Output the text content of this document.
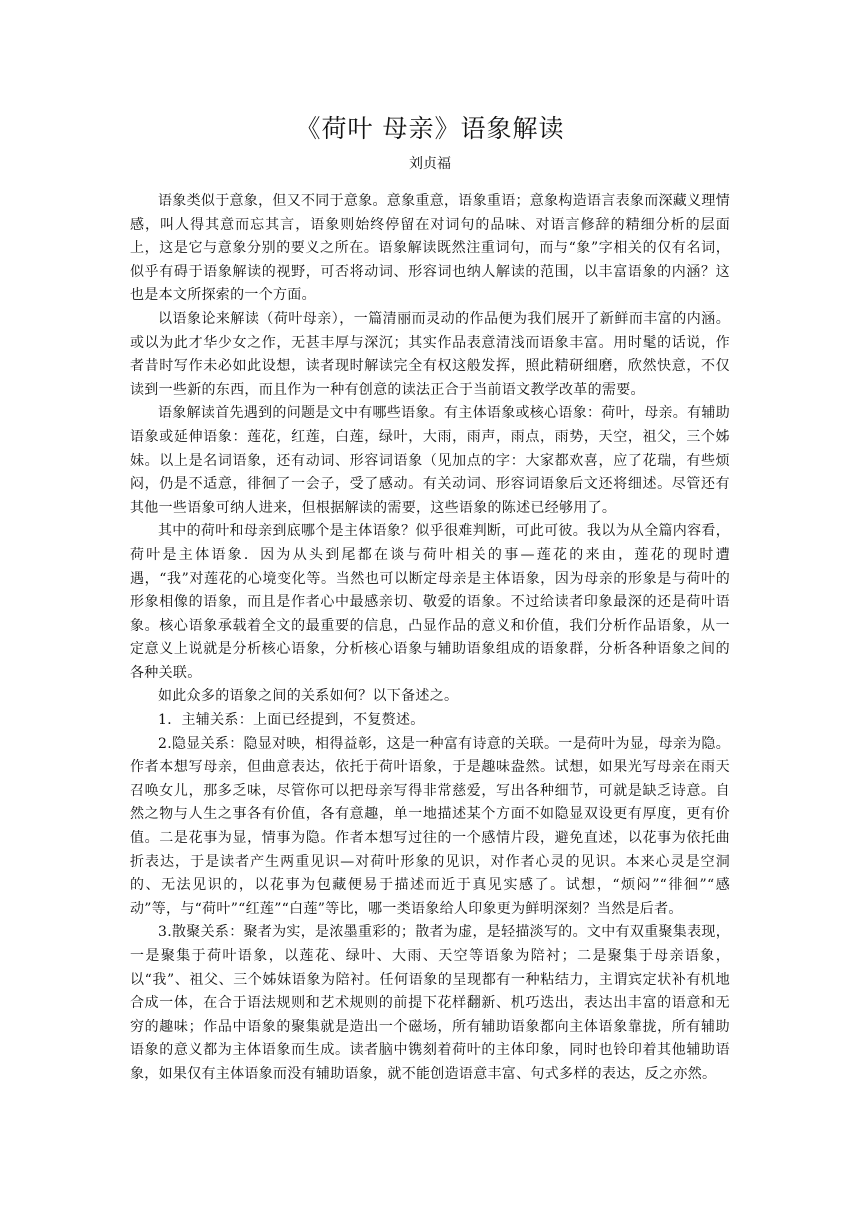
《荷叶 母亲》语象解读
刘贞福

语象类似于意象，但又不同于意象。意象重意，语象重语；意象构造语言表象而深藏义理情感，叫人得其意而忘其言，语象则始终停留在对词句的品味、对语言修辞的精细分析的层面上，这是它与意象分别的要义之所在。语象解读既然注重词句，而与“象”字相关的仅有名词，似乎有碍于语象解读的视野，可否将动词、形容词也纳人解读的范围，以丰富语象的内涵？这也是本文所探索的一个方面。

以语象论来解读（荷叶母亲），一篇清丽而灵动的作品便为我们展开了新鲜而丰富的内涵。或以为此才华少女之作，无甚丰厚与深沉；其实作品表意清浅而语象丰富。用时髦的话说，作者昔时写作未必如此设想，读者现时解读完全有权这般发挥，照此精研细磨，欣然快意，不仅读到一些新的东西，而且作为一种有创意的读法正合于当前语文教学改革的需要。

语象解读首先遇到的问题是文中有哪些语象。有主体语象或核心语象：荷叶，母亲。有辅助语象或延伸语象：莲花，红莲，白莲，绿叶，大雨，雨声，雨点，雨势，天空，祖父，三个姊妹。以上是名词语象，还有动词、形容词语象（见加点的字：大家都欢喜，应了花瑞，有些烦闷，仍是不适意，徘徊了一会子，受了感动。有关动词、形容词语象后文还将细述。尽管还有其他一些语象可纳人进来，但根据解读的需要，这些语象的陈述已经够用了。

其中的荷叶和母亲到底哪个是主体语象？似乎很难判断，可此可彼。我以为从全篇内容看，荷叶是主体语象．因为从头到尾都在谈与荷叶相关的事—莲花的来由，莲花的现时遭遇，“我”对莲花的心境变化等。当然也可以断定母亲是主体语象，因为母亲的形象是与荷叶的形象相像的语象，而且是作者心中最感亲切、敬爱的语象。不过给读者印象最深的还是荷叶语象。核心语象承载着全文的最重要的信息，凸显作品的意义和价值，我们分析作品语象，从一定意义上说就是分析核心语象，分析核心语象与辅助语象组成的语象群，分析各种语象之间的各种关联。

如此众多的语象之间的关系如何？以下备述之。

1．主辅关系：上面已经提到，不复赘述。

2.隐显关系：隐显对映，相得益彰，这是一种富有诗意的关联。一是荷叶为显，母亲为隐。作者本想写母亲，但曲意表达，依托于荷叶语象，于是趣味盎然。试想，如果光写母亲在雨天召唤女儿，那多乏味，尽管你可以把母亲写得非常慈爱，写出各种细节，可就是缺乏诗意。自然之物与人生之事各有价值，各有意趣，单一地描述某个方面不如隐显双设更有厚度，更有价值。二是花事为显，情事为隐。作者本想写过往的一个感情片段，避免直述，以花事为依托曲折表达，于是读者产生两重见识—对荷叶形象的见识，对作者心灵的见识。本来心灵是空洞的、无法见识的，以花事为包藏便易于描述而近于真见实感了。试想，“烦闷”“徘徊”“感动”等，与“荷叶”“红莲”“白莲”等比，哪一类语象给人印象更为鲜明深刻？当然是后者。

3.散聚关系：聚者为实，是浓墨重彩的；散者为虚，是轻描淡写的。文中有双重聚集表现，一是聚集于荷叶语象，以莲花、绿叶、大雨、天空等语象为陪衬；二是聚集于母亲语象，以“我”、祖父、三个姊妹语象为陪衬。任何语象的呈现都有一种粘结力，主谓宾定状补有机地合成一体，在合于语法规则和艺术规则的前提下花样翻新、机巧迭出，表达出丰富的语意和无穷的趣味；作品中语象的聚集就是造出一个磁场，所有辅助语象都向主体语象靠拢，所有辅助语象的意义都为主体语象而生成。读者脑中镌刻着荷叶的主体印象，同时也铃印着其他辅助语象，如果仅有主体语象而没有辅助语象，就不能创造语意丰富、句式多样的表达，反之亦然。
